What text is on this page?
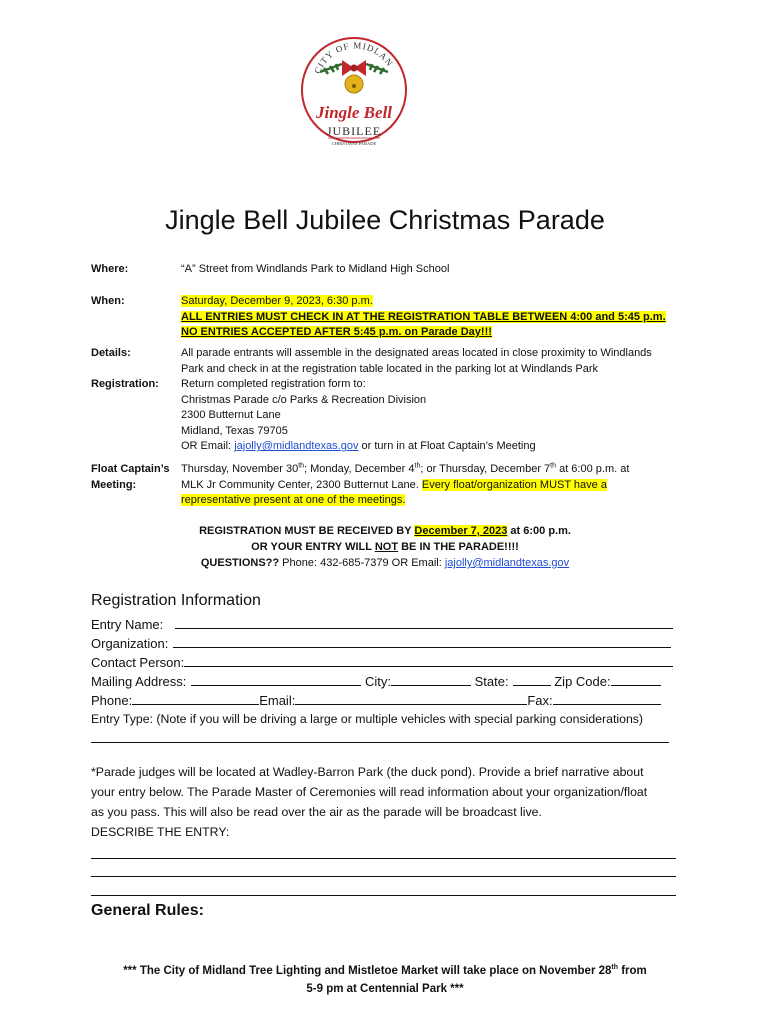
CITY OF MIDLAN
Jingle Bell
JUBILEE
CHRISTMAS PARADE
Jingle Bell Jubilee Christmas Parade
Where:	“A” Street from Windlands Park to Midland High School
When:	Saturday, December 9, 2023, 6:30 p.m.
ALL ENTRIES MUST CHECK IN AT THE REGISTRATION TABLE BETWEEN 4:00 and 5:45 p.m.
NO ENTRIES ACCEPTED AFTER 5:45 p.m. on Parade Day!!!
Details:	All parade entrants will assemble in the designated areas located in close proximity to Windlands
Park and check in at the registration table located in the parking lot at Windlands Park
Registration: Return completed registration form to:
Christmas Parade c/o Parks & Recreation Division
2300 Butternut Lane
Midland, Texas 79705
OR Email: jajolly@midlandtexas.gov or turn in at Float Captain’s Meeting
Float Captain’s
Meeting:
Thursday, November 30th; Monday, December 4th; or Thursday, December 7th at 6:00 p.m. at
MLK Jr Community Center, 2300 Butternut Lane. Every float/organization MUST have a
representative present at one of the meetings.
REGISTRATION MUST BE RECEIVED BY December 7, 2023 at 6:00 p.m.
OR YOUR ENTRY WILL NOT BE IN THE PARADE!!!!
QUESTIONS?? Phone: 432-685-7379 OR Email: jajolly@midlandtexas.gov
Registration Information
Entry Name:
Organization:
Contact Person:
Mailing Address:	City:	State:	Zip Code:
Phone:	Email:	Fax:
Entry Type: (Note if you will be driving a large or multiple vehicles with special parking considerations)
*Parade judges will be located at Wadley-Barron Park (the duck pond). Provide a brief narrative about
your entry below. The Parade Master of Ceremonies will read information about your organization/float
as you pass. This will also be read over the air as the parade will be broadcast live.
DESCRIBE THE ENTRY:
General Rules:
*** The City of Midland Tree Lighting and Mistletoe Market will take place on November 28th from
5-9 pm at Centennial Park ***
